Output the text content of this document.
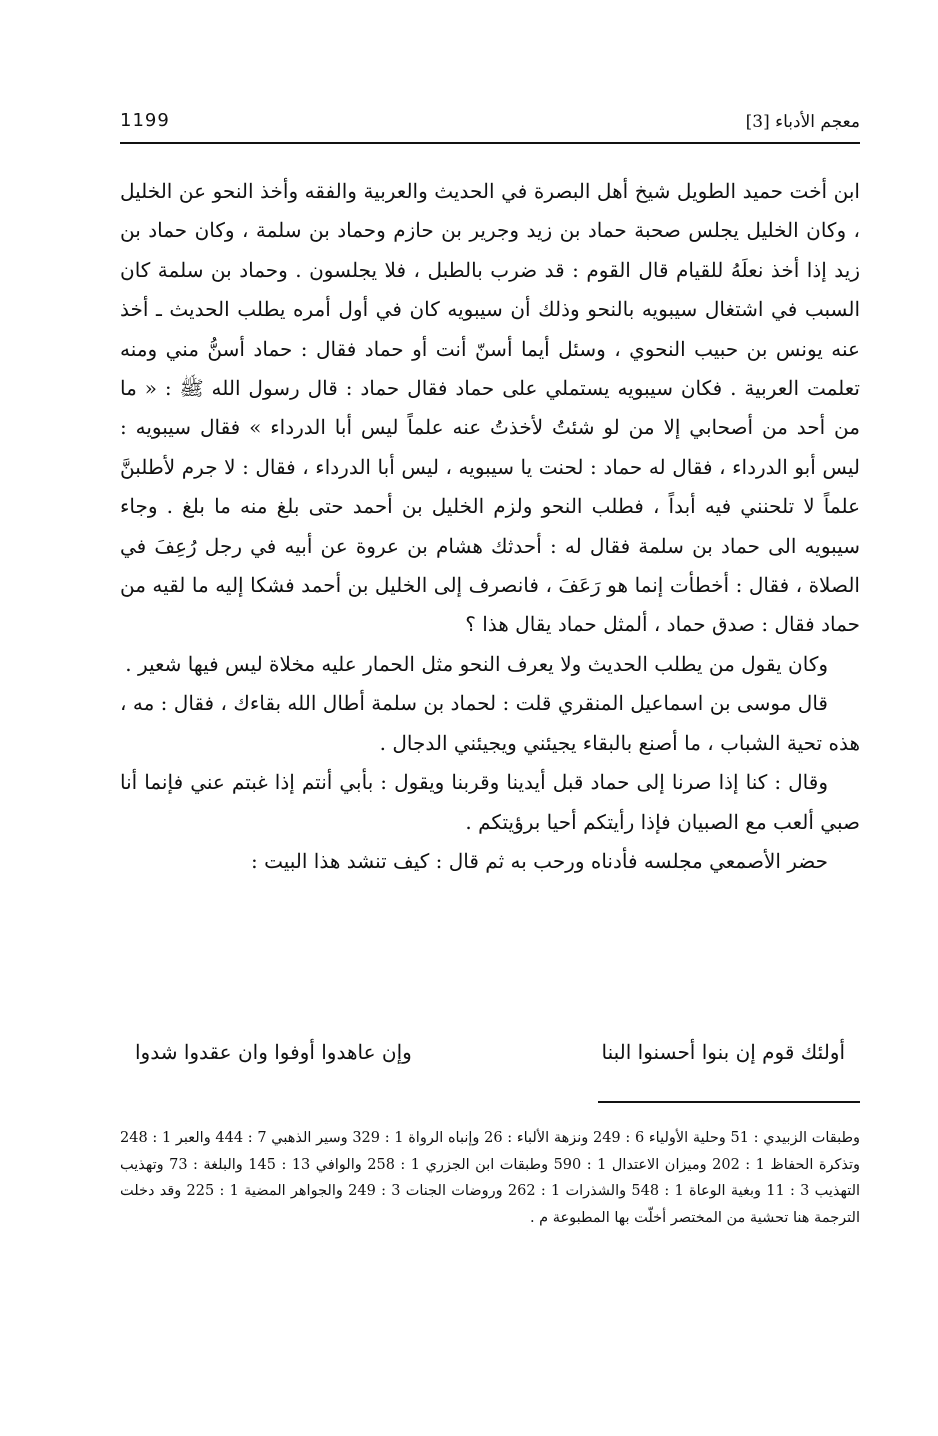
1199	معجم الأدباء [3]

ابن أخت حميد الطويل شيخ أهل البصرة في الحديث والعربية والفقه وأخذ النحو عن الخليل ، وكان الخليل يجلس صحبة حماد بن زيد وجرير بن حازم وحماد بن سلمة ، وكان حماد بن زيد إذا أخذ نعلَهُ للقيام قال القوم : قد ضرب بالطبل ، فلا يجلسون . وحماد بن سلمة كان السبب في اشتغال سيبويه بالنحو وذلك أن سيبويه كان في أول أمره يطلب الحديث ـ أخذ عنه يونس بن حبيب النحوي ، وسئل أيما أسنّ أنت أو حماد فقال : حماد أسنُّ مني ومنه تعلمت العربية . فكان سيبويه يستملي على حماد فقال حماد : قال رسول الله ﷺ : « ما من أحد من أصحابي إلا من لو شئتُ لأخذتُ عنه علماً ليس أبا الدرداء » فقال سيبويه : ليس أبو الدرداء ، فقال له حماد : لحنت يا سيبويه ، ليس أبا الدرداء ، فقال : لا جرم لأطلبنَّ علماً لا تلحنني فيه أبداً ، فطلب النحو ولزم الخليل بن أحمد حتى بلغ منه ما بلغ . وجاء سيبويه الى حماد بن سلمة فقال له : أحدثك هشام بن عروة عن أبيه في رجل رُعِفَ في الصلاة ، فقال : أخطأت إنما هو رَعَفَ ، فانصرف إلى الخليل بن أحمد فشكا إليه ما لقيه من حماد فقال : صدق حماد ، ألمثل حماد يقال هذا ؟

وكان يقول من يطلب الحديث ولا يعرف النحو مثل الحمار عليه مخلاة ليس فيها شعير .

قال موسى بن اسماعيل المنقري قلت : لحماد بن سلمة أطال الله بقاءك ، فقال : مه ، هذه تحية الشباب ، ما أصنع بالبقاء يجيئني ويجيئني الدجال .

وقال : كنا إذا صرنا إلى حماد قبل أيدينا وقربنا ويقول : بأبي أنتم إذا غبتم عني فإنما أنا صبي ألعب مع الصبيان فإذا رأيتكم أحيا برؤيتكم .

حضر الأصمعي مجلسه فأدناه ورحب به ثم قال : كيف تنشد هذا البيت :

أولئك قوم إن بنوا أحسنوا البنا
وإن عاهدوا أوفوا وان عقدوا شدوا

وطبقات الزبيدي : 51 وحلية الأولياء 6 : 249 ونزهة الألباء : 26 وإنباه الرواة 1 : 329 وسير الذهبي 7 : 444 والعبر 1 : 248 وتذكرة الحفاظ 1 : 202 وميزان الاعتدال 1 : 590 وطبقات ابن الجزري 1 : 258 والوافي 13 : 145 والبلغة : 73 وتهذيب التهذيب 3 : 11 وبغية الوعاة 1 : 548 والشذرات 1 : 262 وروضات الجنات 3 : 249 والجواهر المضية 1 : 225 وقد دخلت الترجمة هنا تحشية من المختصر أخلّت بها المطبوعة م .
